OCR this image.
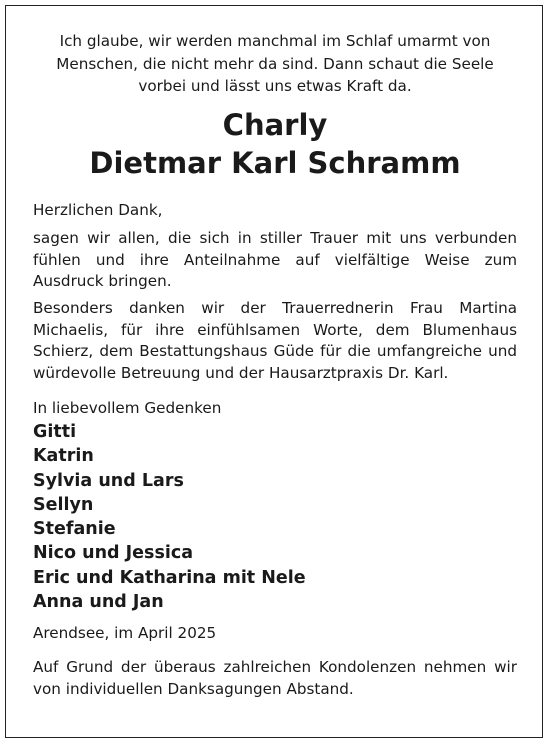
Ich glaube, wir werden manchmal im Schlaf umarmt von
Menschen, die nicht mehr da sind. Dann schaut die Seele
vorbei und lässt uns etwas Kraft da.
Charly
Dietmar Karl Schramm
Herzlichen Dank,
sagen wir allen, die sich in stiller Trauer mit uns verbunden fühlen und ihre Anteilnahme auf vielfältige Weise zum Ausdruck bringen.
Besonders danken wir der Trauerrednerin Frau Martina Michaelis, für ihre einfühlsamen Worte, dem Blumenhaus Schierz, dem Bestattungshaus Güde für die umfangreiche und würdevolle Betreuung und der Hausarztpraxis Dr. Karl.
In liebevollem Gedenken
Gitti
Katrin
Sylvia und Lars
Sellyn
Stefanie
Nico und Jessica
Eric und Katharina mit Nele
Anna und Jan
Arendsee, im April 2025
Auf Grund der überaus zahlreichen Kondolenzen nehmen wir von individuellen Danksagungen Abstand.
